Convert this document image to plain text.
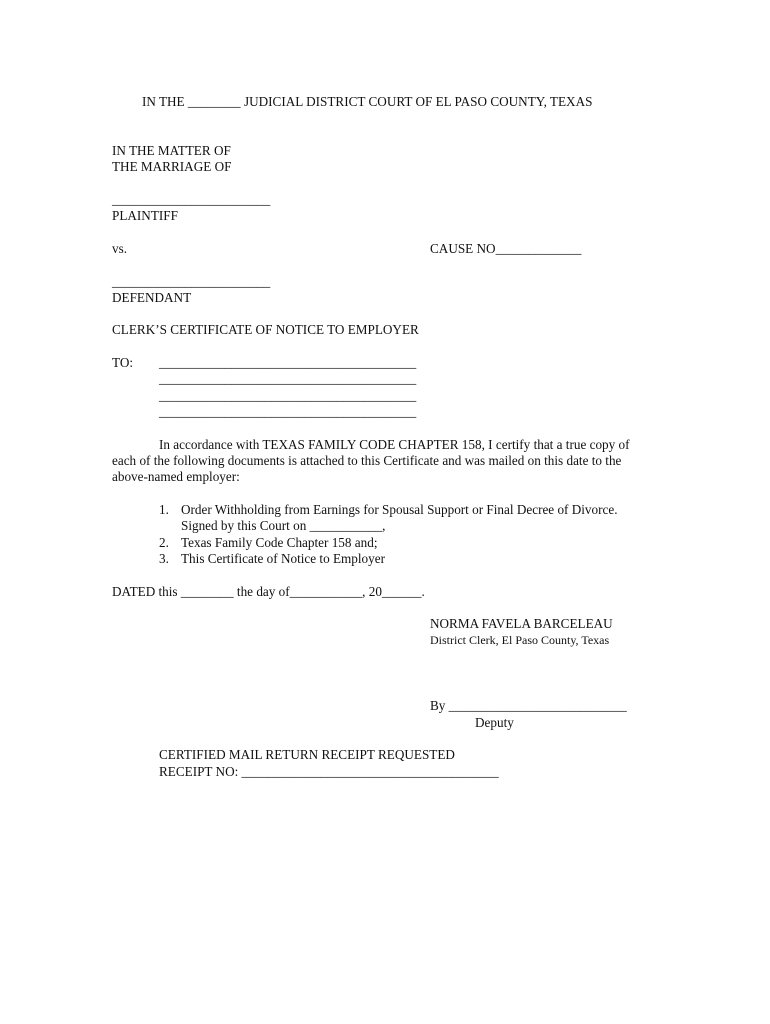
IN THE ________ JUDICIAL DISTRICT COURT OF EL PASO COUNTY, TEXAS
IN THE MATTER OF
THE MARRIAGE OF
________________________
PLAINTIFF
vs.	CAUSE NO_____________
________________________
DEFENDANT
CLERK’S CERTIFICATE OF NOTICE TO EMPLOYER
TO: _______________________________________
_______________________________________
_______________________________________
_______________________________________
In accordance with TEXAS FAMILY CODE CHAPTER 158, I certify that a true copy of
each of the following documents is attached to this Certificate and was mailed on this date to the
above-named employer:
1. Order Withholding from Earnings for Spousal Support or Final Decree of Divorce.
Signed by this Court on ___________,
2. Texas Family Code Chapter 158 and;
3. This Certificate of Notice to Employer
DATED this ________ the day of___________, 20______.
NORMA FAVELA BARCELEAU
District Clerk, El Paso County, Texas
By ___________________________
Deputy
CERTIFIED MAIL RETURN RECEIPT REQUESTED
RECEIPT NO: _______________________________________
